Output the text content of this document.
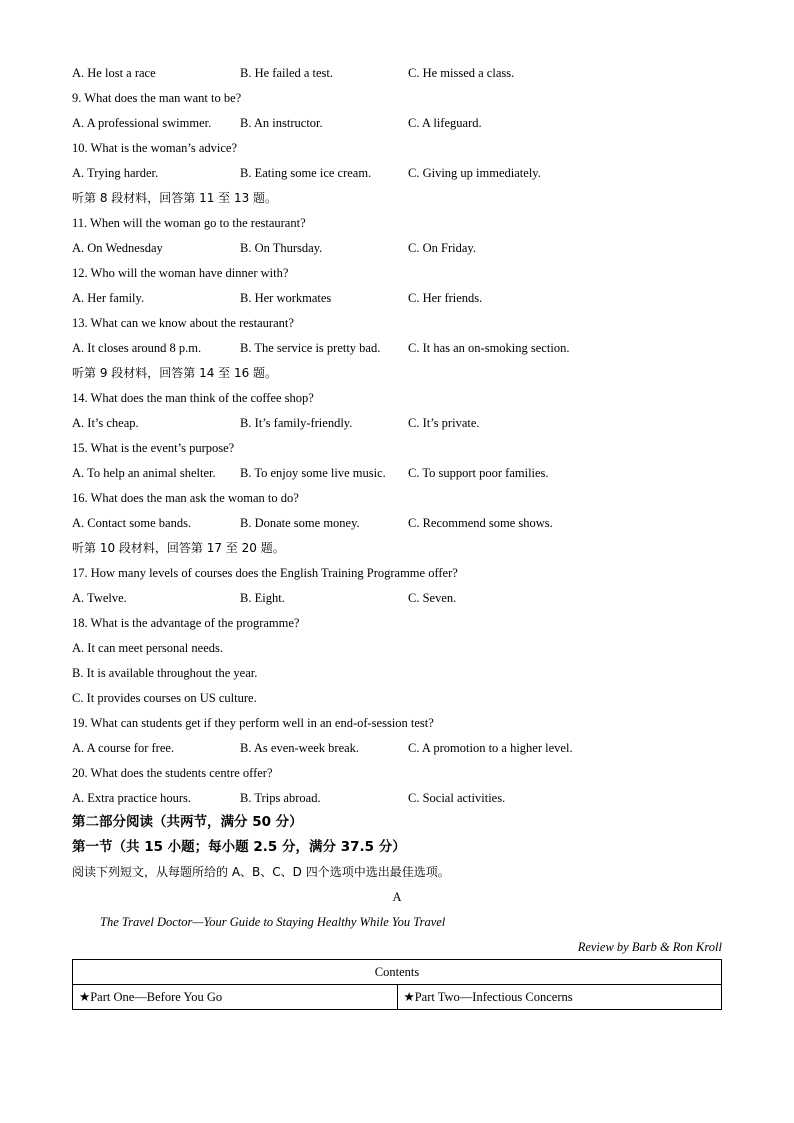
A. He lost a race	B. He failed a test.	C. He missed a class.
9. What does the man want to be?
A. A professional swimmer. B. An instructor.	C. A lifeguard.
10. What is the woman’s advice?
A. Trying harder.	B. Eating some ice cream.	C. Giving up immediately.
听第 8 段材料，回答第 11 至 13 题。
11. When will the woman go to the restaurant?
A. On Wednesday	B. On Thursday.	C. On Friday.
12. Who will the woman have dinner with?
A. Her family.	B. Her workmates	C. Her friends.
13. What can we know about the restaurant?
A. It closes around 8 p.m.	B. The service is pretty bad. C. It has an on-smoking section.
听第 9 段材料，回答第 14 至 16 题。
14. What does the man think of the coffee shop?
A. It’s cheap.	B. It’s family-friendly.	C. It’s private.
15. What is the event’s purpose?
A. To help an animal shelter. B. To enjoy some live music. C. To support poor families.
16. What does the man ask the woman to do?
A. Contact some bands.	B. Donate some money.	C. Recommend some shows.
听第 10 段材料，回答第 17 至 20 题。
17. How many levels of courses does the English Training Programme offer?
A. Twelve.	B. Eight.	C. Seven.
18. What is the advantage of the programme?
A. It can meet personal needs.
B. It is available throughout the year.
C. It provides courses on US culture.
19. What can students get if they perform well in an end-of-session test?
A. A course for free.	B. As even-week break.	C. A promotion to a higher level.
20. What does the students centre offer?
A. Extra practice hours.	B. Trips abroad.	C. Social activities.
第二部分阅读（共两节，满分 50 分）
第一节（共 15 小题；每小题 2.5 分，满分 37.5 分）
阅读下列短文，从每题所给的 A、B、C、D 四个选项中选出最佳选项。
A
The Travel Doctor—Your Guide to Staying Healthy While You Travel
Review by Barb & Ron Kroll
Contents
★Part One—Before You Go	★Part Two—Infectious Concerns
